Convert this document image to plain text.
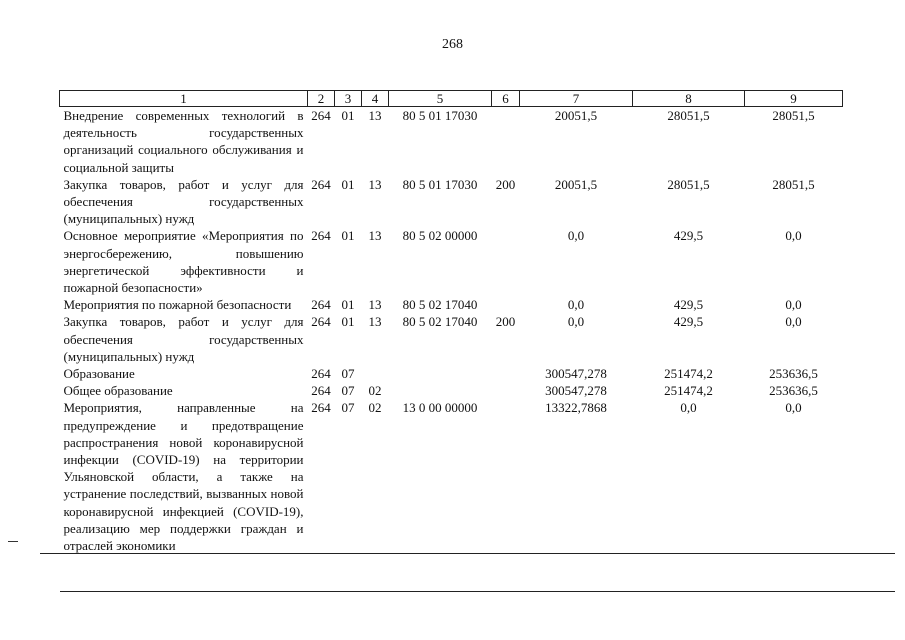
268
1	2	3	4	5	6	7	8	9
Внедрение современных технологий в деятельность государственных организаций социального обслуживания и социальной защиты	264	01	13	80 5 01 17030		20051,5	28051,5	28051,5
Закупка товаров, работ и услуг для обеспечения государственных (муниципальных) нужд	264	01	13	80 5 01 17030	200	20051,5	28051,5	28051,5
Основное мероприятие «Мероприятия по энергосбережению, повышению энергетической эффективности и пожарной безопасности»	264	01	13	80 5 02 00000		0,0	429,5	0,0
Мероприятия по пожарной безопасности	264	01	13	80 5 02 17040		0,0	429,5	0,0
Закупка товаров, работ и услуг для обеспечения государственных (муниципальных) нужд	264	01	13	80 5 02 17040	200	0,0	429,5	0,0
Образование	264	07				300547,278	251474,2	253636,5
Общее образование	264	07	02			300547,278	251474,2	253636,5
Мероприятия, направленные на предупреждение и предотвращение распространения новой коронавирусной инфекции (COVID-19) на территории Ульяновской области, а также на устранение последствий, вызванных новой коронавирусной инфекцией (COVID-19), реализацию мер поддержки граждан и отраслей экономики	264	07	02	13 0 00 00000		13322,7868	0,0	0,0
